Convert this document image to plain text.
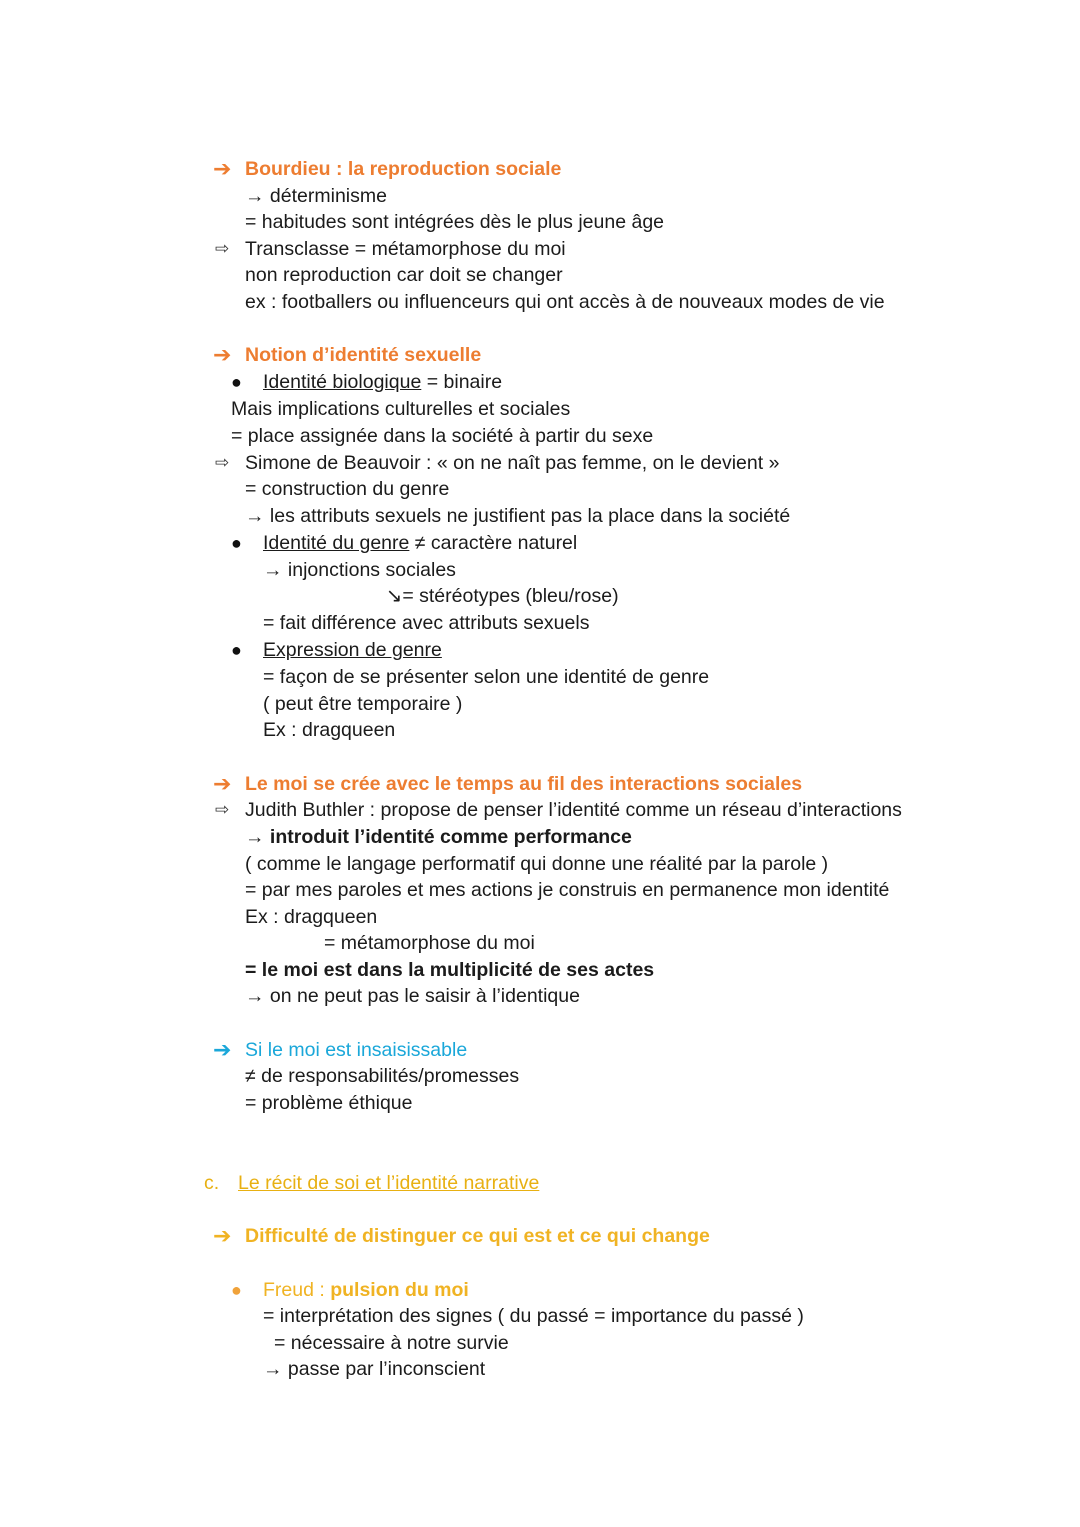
➔ Bourdieu : la reproduction sociale
→ déterminisme
= habitudes sont intégrées dès le plus jeune âge
⇨ Transclasse = métamorphose du moi
non reproduction car doit se changer
ex : footballers ou influenceurs qui ont accès à de nouveaux modes de vie
➔ Notion d’identité sexuelle
● Identité biologique = binaire
Mais implications culturelles et sociales
= place assignée dans la société à partir du sexe
⇨ Simone de Beauvoir : « on ne naît pas femme, on le devient »
= construction du genre
→ les attributs sexuels ne justifient pas la place dans la société
● Identité du genre ≠ caractère naturel
→ injonctions sociales
↘= stéréotypes (bleu/rose)
= fait différence avec attributs sexuels
● Expression de genre
= façon de se présenter selon une identité de genre
( peut être temporaire )
Ex : dragqueen
➔ Le moi se crée avec le temps au fil des interactions sociales
⇨ Judith Buthler : propose de penser l’identité comme un réseau d’interactions
→ introduit l’identité comme performance
( comme le langage performatif qui donne une réalité par la parole )
= par mes paroles et mes actions je construis en permanence mon identité
Ex : dragqueen
= métamorphose du moi
= le moi est dans la multiplicité de ses actes
→ on ne peut pas le saisir à l’identique
➔ Si le moi est insaisissable
≠ de responsabilités/promesses
= problème éthique
c. Le récit de soi et l’identité narrative
➔ Difficulté de distinguer ce qui est et ce qui change
● Freud : pulsion du moi
= interprétation des signes ( du passé = importance du passé )
= nécessaire à notre survie
→ passe par l’inconscient
